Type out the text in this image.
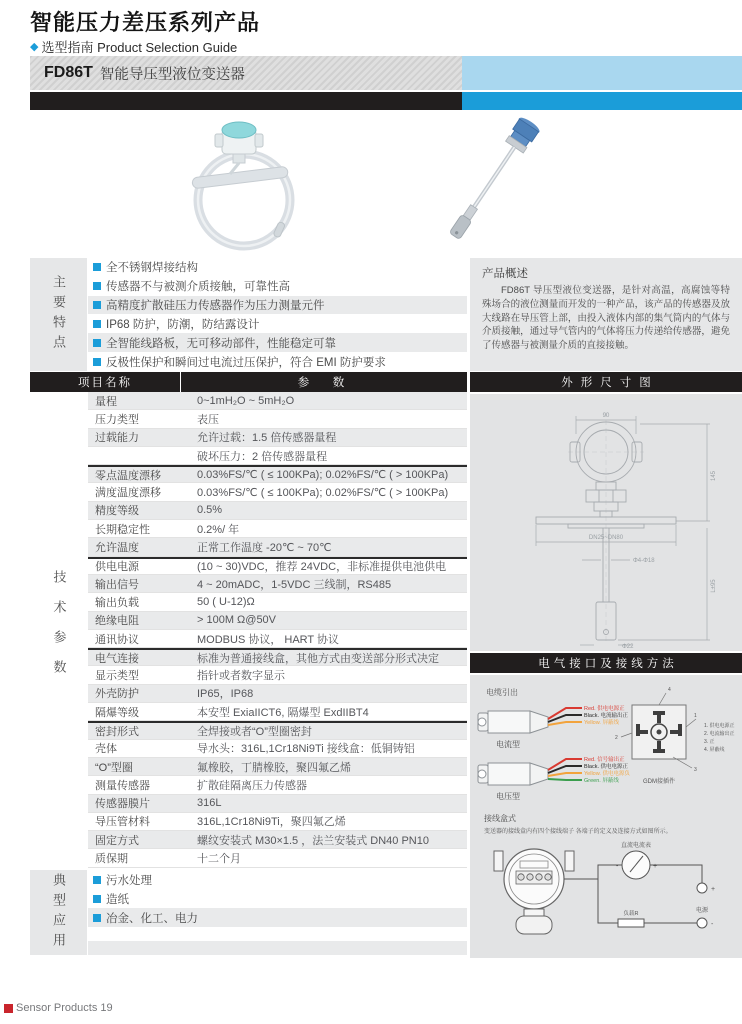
智能压力差压系列产品
◆ 选型指南 Product Selection Guide
FD86T 智能导压型液位变送器
主要特点
全不锈钢焊接结构
传感器不与被测介质接触，可靠性高
高精度扩散硅压力传感器作为压力测量元件
IP68 防护，防潮，防结露设计
全智能线路板，无可移动部件，性能稳定可靠
反极性保护和瞬间过电流过压保护，符合 EMI 防护要求
产品概述

FD86T 导压型液位变送器，是针对高温，高腐蚀等特殊场合的液位测量而开发的一种产品，该产品的传感器及放大线路在导压管上部，由投入液体内部的集气筒内的气体与介质接触，通过导气管内的气体将压力传递给传感器，避免了传感器与被测量介质的直接接触。

项目名称	参　数
技术参数
量程	0~1mH₂O ~ 5mH₂O
压力类型	表压
过载能力	允许过载：1.5 倍传感器量程
破坏压力：2 倍传感器量程
零点温度漂移	0.03%FS/℃ ( ≤ 100KPa); 0.02%FS/℃ ( > 100KPa)
满度温度漂移	0.03%FS/℃ ( ≤ 100KPa); 0.02%FS/℃ ( > 100KPa)
精度等级	0.5%
长期稳定性	0.2%/ 年
允许温度	正常工作温度 -20℃ ~ 70℃
供电电源	(10 ~ 30)VDC，推荐 24VDC，非标准提供电池供电
输出信号	4 ~ 20mADC，1-5VDC 三线制，RS485
输出负载	50 ( U-12)Ω
绝缘电阻	> 100M Ω@50V
通讯协议	MODBUS 协议， HART 协议
电气连接	标准为普通接线盒，其他方式由变送部分形式决定
显示类型	指针或者数字显示
外壳防护	IP65，IP68
隔爆等级	本安型 ExiaIICT6, 隔爆型 ExdIIBT4
密封形式	全焊接或者“O”型圈密封
壳体	导水头：316L,1Cr18Ni9Ti 接线盒：低铜铸铝
“O”型圈	氟橡胶，丁腈橡胶，聚四氟乙烯
测量传感器	扩散硅隔离压力传感器
传感器膜片	316L
导压管材料	316L,1Cr18Ni9Ti，聚四氟乙烯
固定方式	螺纹安装式 M30×1.5 ，法兰安装式 DN40 PN10
质保期	十二个月
典型应用	污水处理
造纸
冶金、化工、电力
外形尺寸图
90
145
DN25~DN80
Φ4-Φ18
L±95
Φ22
电气接口及接线方法
电缆引出
Red. 供电电源正
Black. 电流输出正
Yellow. 屏蔽线
电流型
Red. 信号输出正
Black. 供电电源正
Yellow. 供电电源负
Green. 屏蔽线
电压型
1
2
3
4
1. 供电电源正
2. 电流输出正
3. 正
4. 屏蔽线
GDM接插件
接线盒式
变送器的接线盒内有四个接线端子 各端子的定义及连接方式如图所示。
直流电流表
-	+
+
负载R
-
电源
Sensor Products 19
